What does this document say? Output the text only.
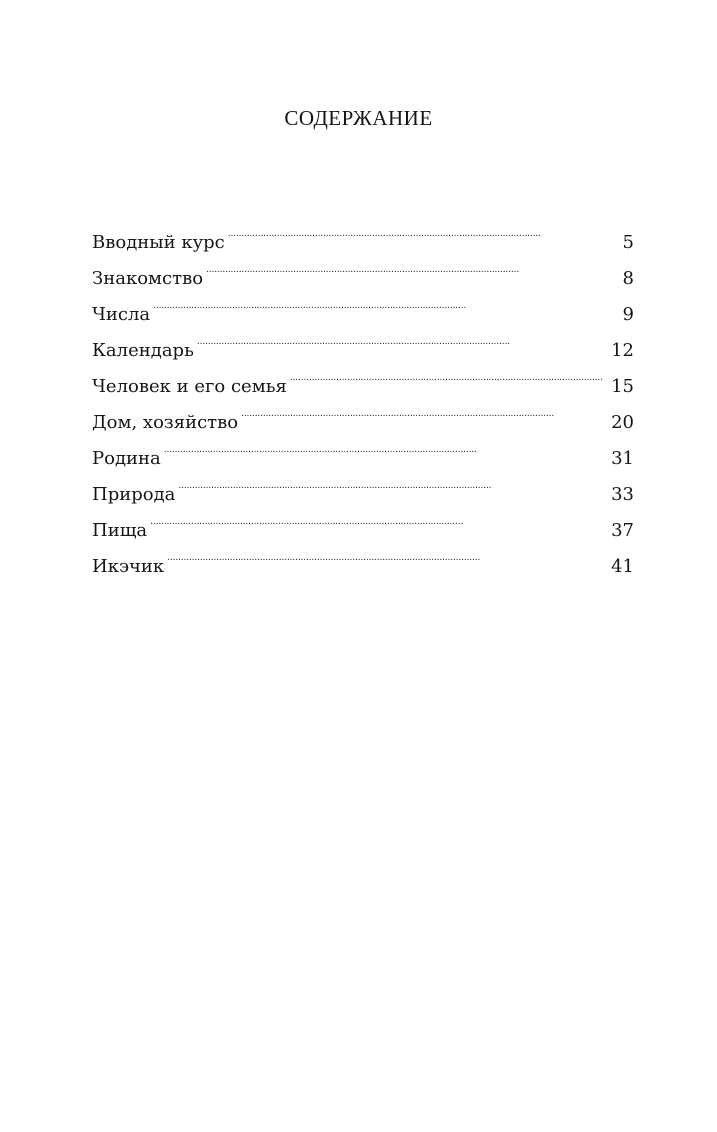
СОДЕРЖАНИЕ
Вводный курс . . .	5
Знакомство . . .	8
Числа . . .	9
Календарь . . .	12
Человек и его семья . . .	15
Дом, хозяйство . . .	20
Родина . . .	31
Природа . . .	33
Пища . . .	37
Икэчик . . .	41
